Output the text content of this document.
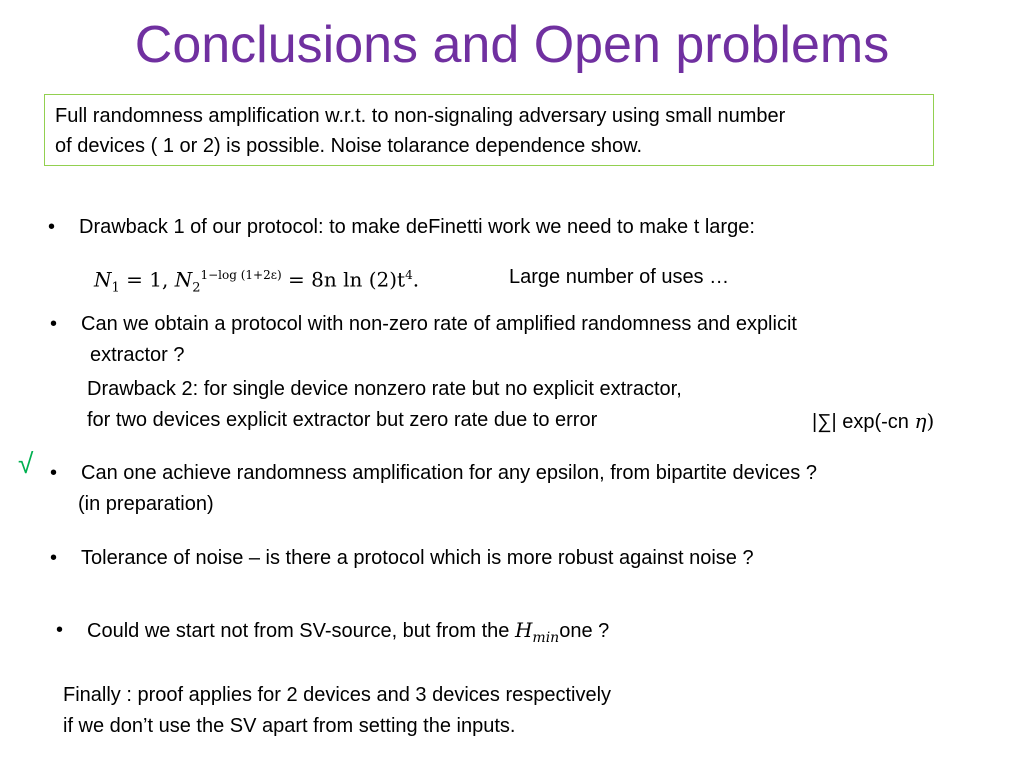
Conclusions and Open problems
Full randomness amplification w.r.t. to non-signaling adversary using small number
of devices ( 1 or 2) is possible. Noise tolarance dependence show.
• Drawback 1 of our protocol: to make deFinetti work we need to make t large:
$N_1 = 1$, $N_2^{1-log (1+2\varepsilon)} = 8n$ $\ln (2)t^4$.	Large number of uses …
• Can we obtain a protocol with non-zero rate of amplified randomness and explicit
extractor ?
Drawback 2: for single device nonzero rate but no explicit extractor,
for two devices explicit extractor but zero rate due to error	|∑| exp(-cn η)
√ • Can one achieve randomness amplification for any epsilon, from bipartite devices ?
(in preparation)
• Tolerance of noise – is there a protocol which is more robust against noise ?
• Could we start not from SV-source, but from the $H_{min}one$ ?
Finally : proof applies for 2 devices and 3 devices respectively
if we don’t use the SV apart from setting the inputs.
